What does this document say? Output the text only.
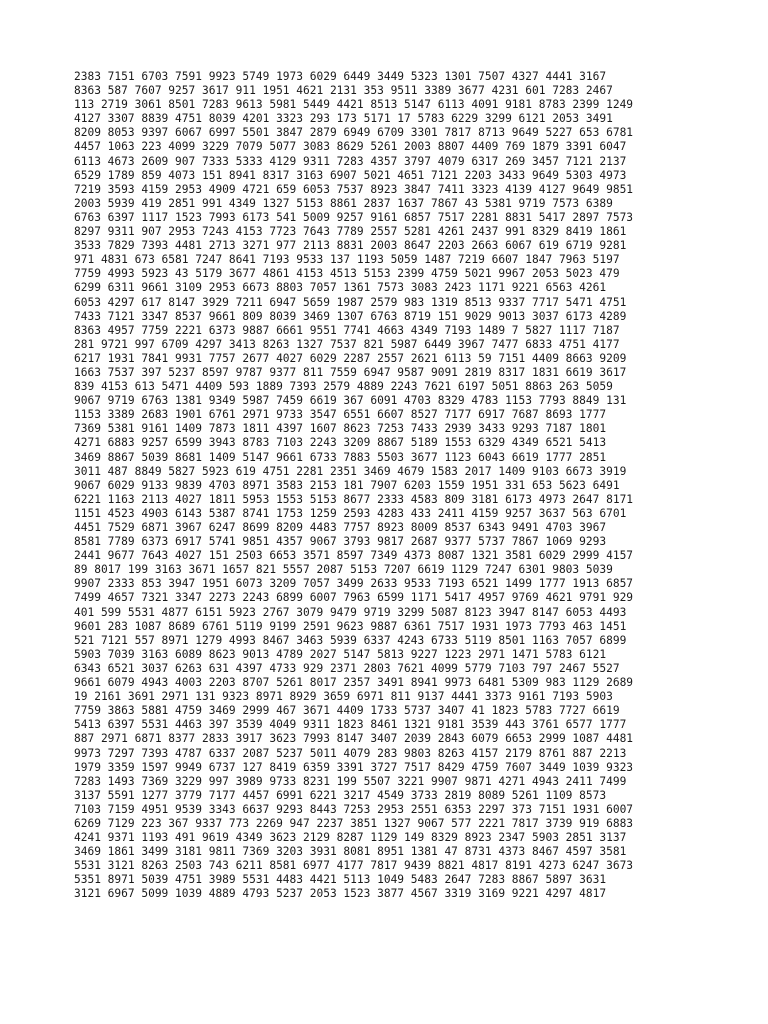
2383 7151 6703 7591 9923 5749 1973 6029 6449 3449 5323 1301 7507 4327 4441 3167
8363 587 7607 9257 3617 911 1951 4621 2131 353 9511 3389 3677 4231 601 7283 2467
113 2719 3061 8501 7283 9613 5981 5449 4421 8513 5147 6113 4091 9181 8783 2399 1249
4127 3307 8839 4751 8039 4201 3323 293 173 5171 17 5783 6229 3299 6121 2053 3491
8209 8053 9397 6067 6997 5501 3847 2879 6949 6709 3301 7817 8713 9649 5227 653 6781
4457 1063 223 4099 3229 7079 5077 3083 8629 5261 2003 8807 4409 769 1879 3391 6047
6113 4673 2609 907 7333 5333 4129 9311 7283 4357 3797 4079 6317 269 3457 7121 2137
6529 1789 859 4073 151 8941 8317 3163 6907 5021 4651 7121 2203 3433 9649 5303 4973
7219 3593 4159 2953 4909 4721 659 6053 7537 8923 3847 7411 3323 4139 4127 9649 9851
2003 5939 419 2851 991 4349 1327 5153 8861 2837 1637 7867 43 5381 9719 7573 6389
6763 6397 1117 1523 7993 6173 541 5009 9257 9161 6857 7517 2281 8831 5417 2897 7573
8297 9311 907 2953 7243 4153 7723 7643 7789 2557 5281 4261 2437 991 8329 8419 1861
3533 7829 7393 4481 2713 3271 977 2113 8831 2003 8647 2203 2663 6067 619 6719 9281
971 4831 673 6581 7247 8641 7193 9533 137 1193 5059 1487 7219 6607 1847 7963 5197
7759 4993 5923 43 5179 3677 4861 4153 4513 5153 2399 4759 5021 9967 2053 5023 479
6299 6311 9661 3109 2953 6673 8803 7057 1361 7573 3083 2423 1171 9221 6563 4261
6053 4297 617 8147 3929 7211 6947 5659 1987 2579 983 1319 8513 9337 7717 5471 4751
7433 7121 3347 8537 9661 809 8039 3469 1307 6763 8719 151 9029 9013 3037 6173 4289
8363 4957 7759 2221 6373 9887 6661 9551 7741 4663 4349 7193 1489 7 5827 1117 7187
281 9721 997 6709 4297 3413 8263 1327 7537 821 5987 6449 3967 7477 6833 4751 4177
6217 1931 7841 9931 7757 2677 4027 6029 2287 2557 2621 6113 59 7151 4409 8663 9209
1663 7537 397 5237 8597 9787 9377 811 7559 6947 9587 9091 2819 8317 1831 6619 3617
839 4153 613 5471 4409 593 1889 7393 2579 4889 2243 7621 6197 5051 8863 263 5059
9067 9719 6763 1381 9349 5987 7459 6619 367 6091 4703 8329 4783 1153 7793 8849 131
1153 3389 2683 1901 6761 2971 9733 3547 6551 6607 8527 7177 6917 7687 8693 1777
7369 5381 9161 1409 7873 1811 4397 1607 8623 7253 7433 2939 3433 9293 7187 1801
4271 6883 9257 6599 3943 8783 7103 2243 3209 8867 5189 1553 6329 4349 6521 5413
3469 8867 5039 8681 1409 5147 9661 6733 7883 5503 3677 1123 6043 6619 1777 2851
3011 487 8849 5827 5923 619 4751 2281 2351 3469 4679 1583 2017 1409 9103 6673 3919
9067 6029 9133 9839 4703 8971 3583 2153 181 7907 6203 1559 1951 331 653 5623 6491
6221 1163 2113 4027 1811 5953 1553 5153 8677 2333 4583 809 3181 6173 4973 2647 8171
1151 4523 4903 6143 5387 8741 1753 1259 2593 4283 433 2411 4159 9257 3637 563 6701
4451 7529 6871 3967 6247 8699 8209 4483 7757 8923 8009 8537 6343 9491 4703 3967
8581 7789 6373 6917 5741 9851 4357 9067 3793 9817 2687 9377 5737 7867 1069 9293
2441 9677 7643 4027 151 2503 6653 3571 8597 7349 4373 8087 1321 3581 6029 2999 4157
89 8017 199 3163 3671 1657 821 5557 2087 5153 7207 6619 1129 7247 6301 9803 5039
9907 2333 853 3947 1951 6073 3209 7057 3499 2633 9533 7193 6521 1499 1777 1913 6857
7499 4657 7321 3347 2273 2243 6899 6007 7963 6599 1171 5417 4957 9769 4621 9791 929
401 599 5531 4877 6151 5923 2767 3079 9479 9719 3299 5087 8123 3947 8147 6053 4493
9601 283 1087 8689 6761 5119 9199 2591 9623 9887 6361 7517 1931 1973 7793 463 1451
521 7121 557 8971 1279 4993 8467 3463 5939 6337 4243 6733 5119 8501 1163 7057 6899
5903 7039 3163 6089 8623 9013 4789 2027 5147 5813 9227 1223 2971 1471 5783 6121
6343 6521 3037 6263 631 4397 4733 929 2371 2803 7621 4099 5779 7103 797 2467 5527
9661 6079 4943 4003 2203 8707 5261 8017 2357 3491 8941 9973 6481 5309 983 1129 2689
19 2161 3691 2971 131 9323 8971 8929 3659 6971 811 9137 4441 3373 9161 7193 5903
7759 3863 5881 4759 3469 2999 467 3671 4409 1733 5737 3407 41 1823 5783 7727 6619
5413 6397 5531 4463 397 3539 4049 9311 1823 8461 1321 9181 3539 443 3761 6577 1777
887 2971 6871 8377 2833 3917 3623 7993 8147 3407 2039 2843 6079 6653 2999 1087 4481
9973 7297 7393 4787 6337 2087 5237 5011 4079 283 9803 8263 4157 2179 8761 887 2213
1979 3359 1597 9949 6737 127 8419 6359 3391 3727 7517 8429 4759 7607 3449 1039 9323
7283 1493 7369 3229 997 3989 9733 8231 199 5507 3221 9907 9871 4271 4943 2411 7499
3137 5591 1277 3779 7177 4457 6991 6221 3217 4549 3733 2819 8089 5261 1109 8573
7103 7159 4951 9539 3343 6637 9293 8443 7253 2953 2551 6353 2297 373 7151 1931 6007
6269 7129 223 367 9337 773 2269 947 2237 3851 1327 9067 577 2221 7817 3739 919 6883
4241 9371 1193 491 9619 4349 3623 2129 8287 1129 149 8329 8923 2347 5903 2851 3137
3469 1861 3499 3181 9811 7369 3203 3931 8081 8951 1381 47 8731 4373 8467 4597 3581
5531 3121 8263 2503 743 6211 8581 6977 4177 7817 9439 8821 4817 8191 4273 6247 3673
5351 8971 5039 4751 3989 5531 4483 4421 5113 1049 5483 2647 7283 8867 5897 3631
3121 6967 5099 1039 4889 4793 5237 2053 1523 3877 4567 3319 3169 9221 4297 4817
